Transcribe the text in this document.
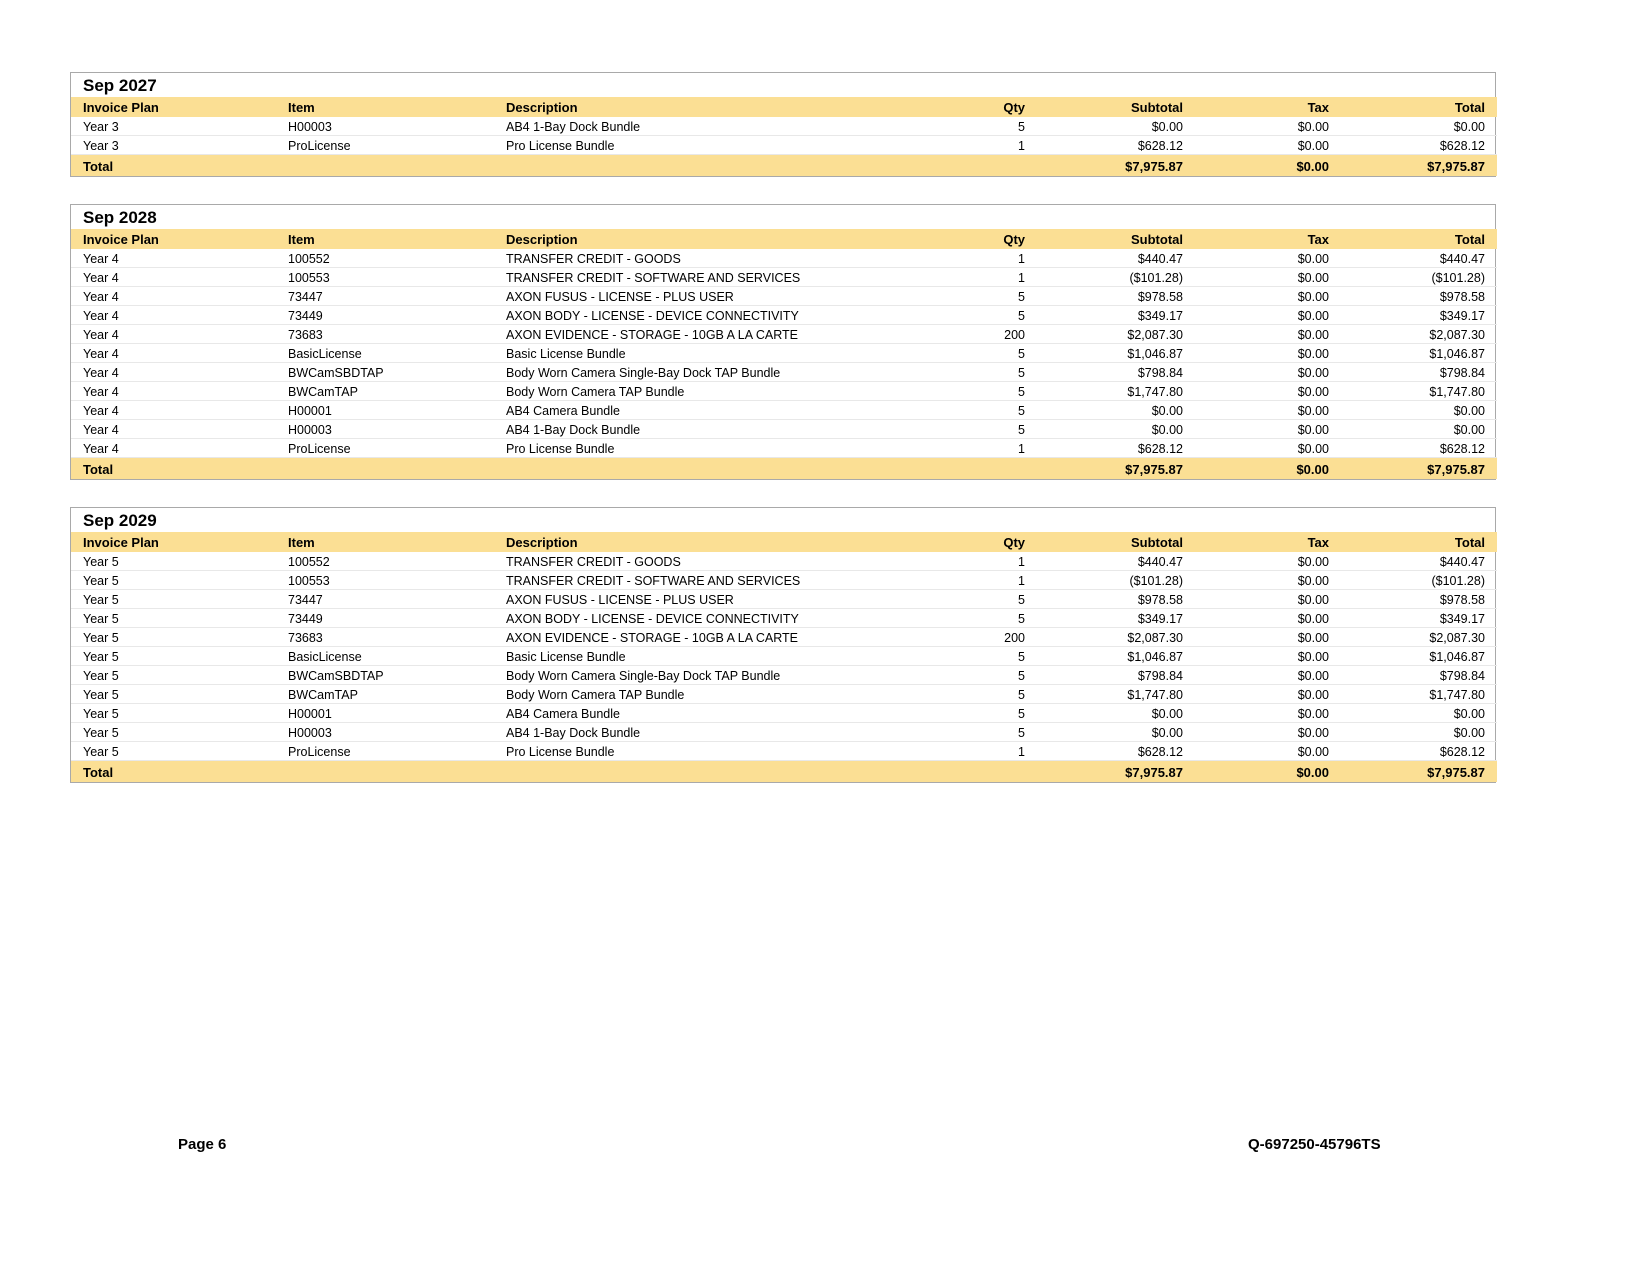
Sep 2027
Invoice Plan	Item	Description	Qty	Subtotal	Tax	Total
Year 3	H00003	AB4 1-Bay Dock Bundle	5	$0.00	$0.00	$0.00
Year 3	ProLicense	Pro License Bundle	1	$628.12	$0.00	$628.12
Total				$7,975.87	$0.00	$7,975.87
Sep 2028
Invoice Plan	Item	Description	Qty	Subtotal	Tax	Total
Year 4	100552	TRANSFER CREDIT - GOODS	1	$440.47	$0.00	$440.47
Year 4	100553	TRANSFER CREDIT - SOFTWARE AND SERVICES	1	($101.28)	$0.00	($101.28)
Year 4	73447	AXON FUSUS - LICENSE - PLUS USER	5	$978.58	$0.00	$978.58
Year 4	73449	AXON BODY - LICENSE - DEVICE CONNECTIVITY	5	$349.17	$0.00	$349.17
Year 4	73683	AXON EVIDENCE - STORAGE - 10GB A LA CARTE	200	$2,087.30	$0.00	$2,087.30
Year 4	BasicLicense	Basic License Bundle	5	$1,046.87	$0.00	$1,046.87
Year 4	BWCamSBDTAP	Body Worn Camera Single-Bay Dock TAP Bundle	5	$798.84	$0.00	$798.84
Year 4	BWCamTAP	Body Worn Camera TAP Bundle	5	$1,747.80	$0.00	$1,747.80
Year 4	H00001	AB4 Camera Bundle	5	$0.00	$0.00	$0.00
Year 4	H00003	AB4 1-Bay Dock Bundle	5	$0.00	$0.00	$0.00
Year 4	ProLicense	Pro License Bundle	1	$628.12	$0.00	$628.12
Total				$7,975.87	$0.00	$7,975.87
Sep 2029
Invoice Plan	Item	Description	Qty	Subtotal	Tax	Total
Year 5	100552	TRANSFER CREDIT - GOODS	1	$440.47	$0.00	$440.47
Year 5	100553	TRANSFER CREDIT - SOFTWARE AND SERVICES	1	($101.28)	$0.00	($101.28)
Year 5	73447	AXON FUSUS - LICENSE - PLUS USER	5	$978.58	$0.00	$978.58
Year 5	73449	AXON BODY - LICENSE - DEVICE CONNECTIVITY	5	$349.17	$0.00	$349.17
Year 5	73683	AXON EVIDENCE - STORAGE - 10GB A LA CARTE	200	$2,087.30	$0.00	$2,087.30
Year 5	BasicLicense	Basic License Bundle	5	$1,046.87	$0.00	$1,046.87
Year 5	BWCamSBDTAP	Body Worn Camera Single-Bay Dock TAP Bundle	5	$798.84	$0.00	$798.84
Year 5	BWCamTAP	Body Worn Camera TAP Bundle	5	$1,747.80	$0.00	$1,747.80
Year 5	H00001	AB4 Camera Bundle	5	$0.00	$0.00	$0.00
Year 5	H00003	AB4 1-Bay Dock Bundle	5	$0.00	$0.00	$0.00
Year 5	ProLicense	Pro License Bundle	1	$628.12	$0.00	$628.12
Total				$7,975.87	$0.00	$7,975.87
Page 6	Q-697250-45796TS
